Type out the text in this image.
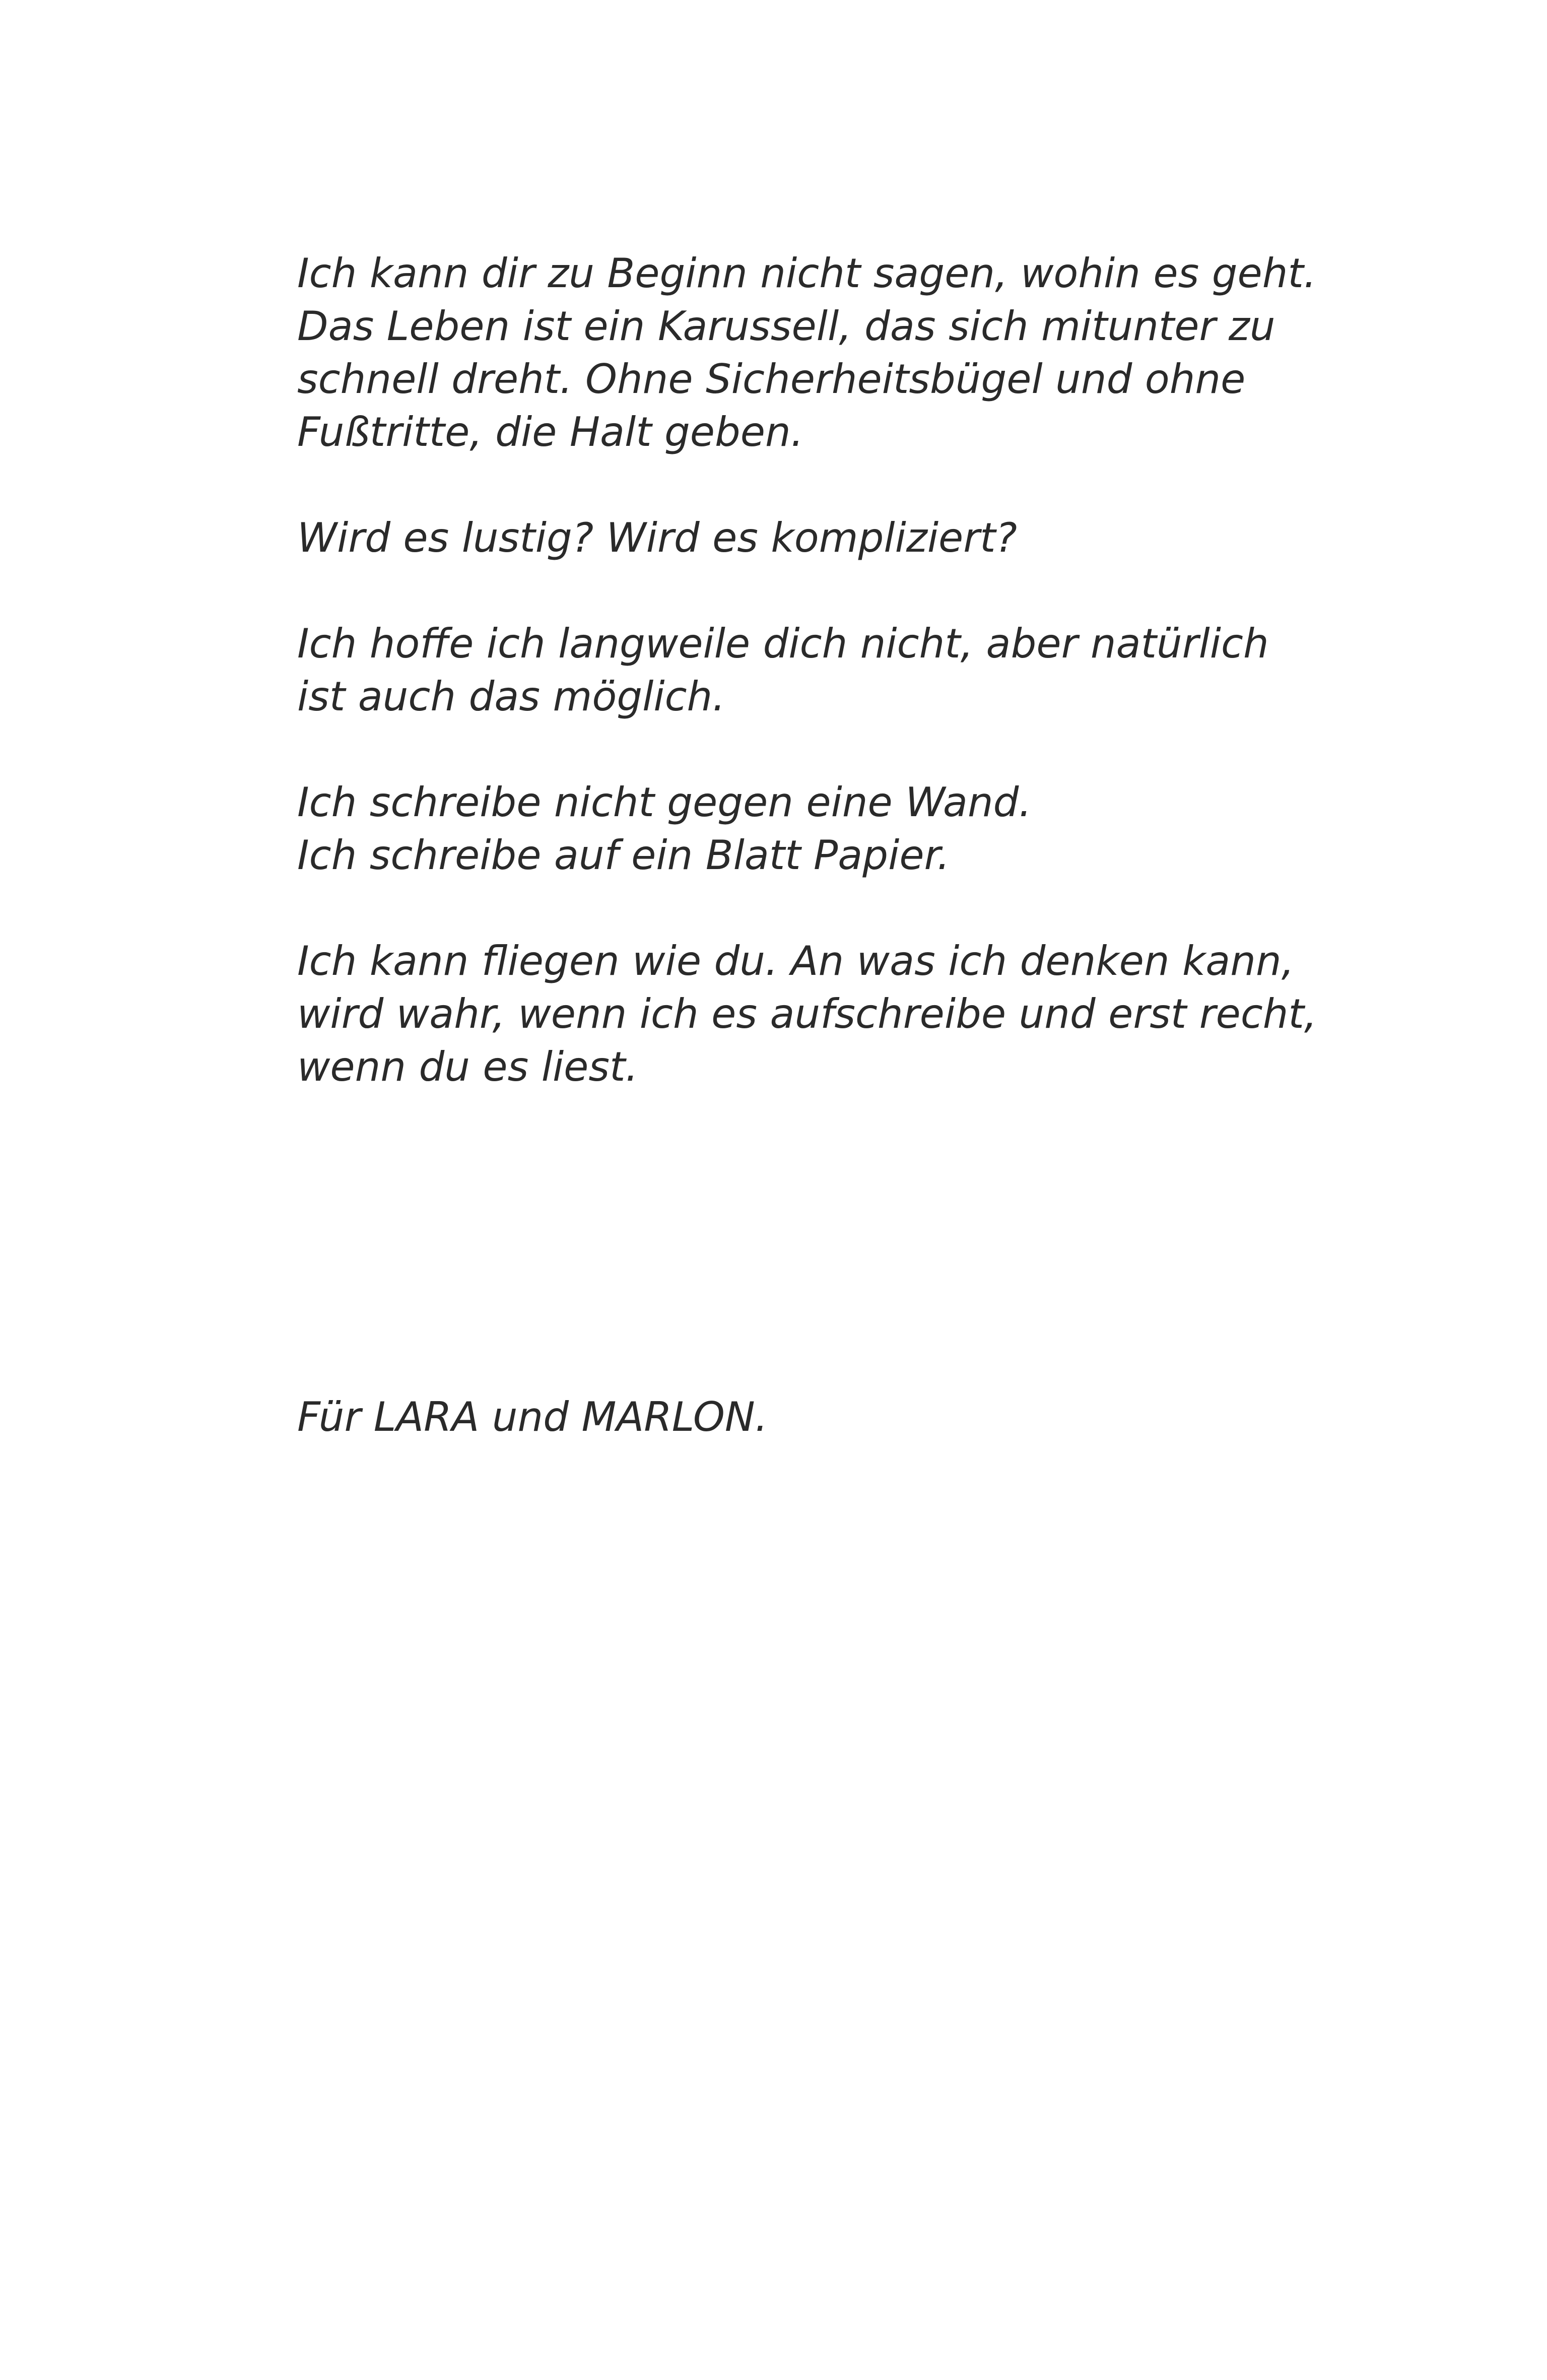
Ich kann dir zu Beginn nicht sagen, wohin es geht.
Das Leben ist ein Karussell, das sich mitunter zu
schnell dreht. Ohne Sicherheitsbügel und ohne
Fußtritte, die Halt geben.

Wird es lustig? Wird es kompliziert?

Ich hoffe ich langweile dich nicht, aber natürlich
ist auch das möglich.

Ich schreibe nicht gegen eine Wand.
Ich schreibe auf ein Blatt Papier.

Ich kann fliegen wie du. An was ich denken kann,
wird wahr, wenn ich es aufschreibe und erst recht,
wenn du es liest.

Für LARA und MARLON.
